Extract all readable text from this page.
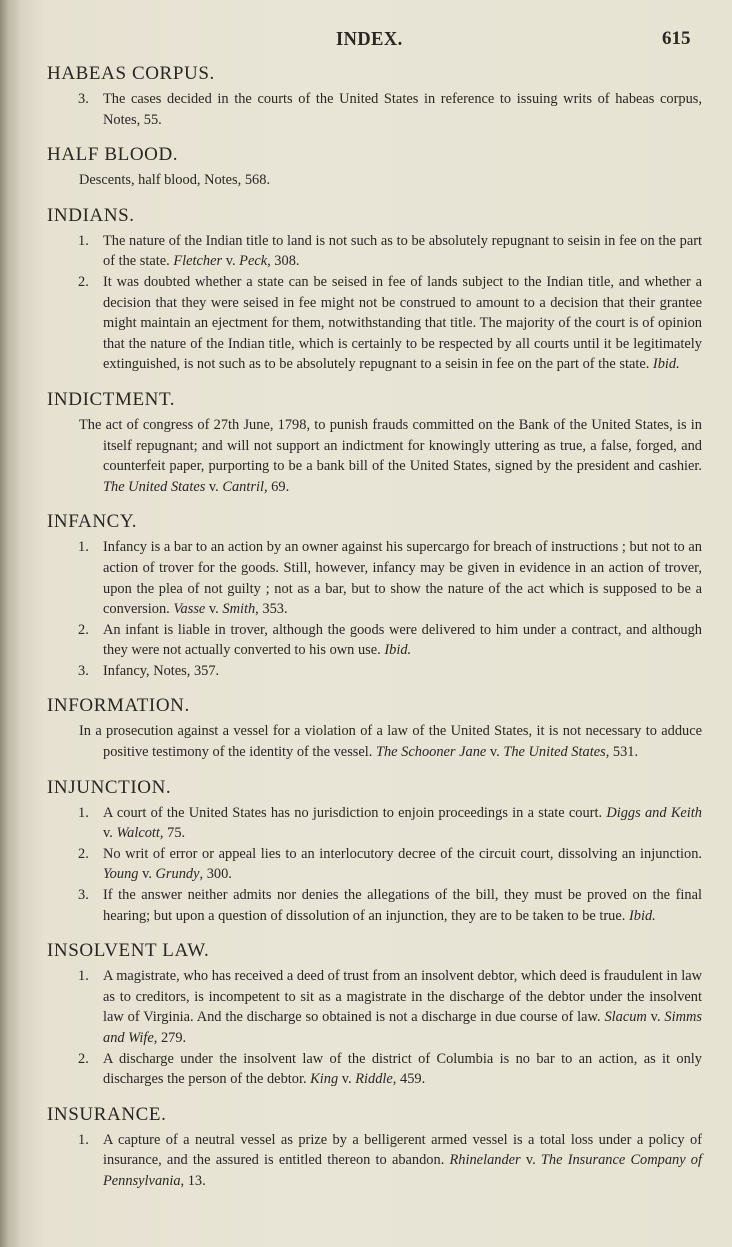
INDEX.	615
HABEAS CORPUS.
3. The cases decided in the courts of the United States in reference to issuing writs of habeas corpus, Notes, 55.
HALF BLOOD.
Descents, half blood, Notes, 568.
INDIANS.
1. The nature of the Indian title to land is not such as to be absolutely repugnant to seisin in fee on the part of the state. Fletcher v. Peck, 308.
2. It was doubted whether a state can be seised in fee of lands subject to the Indian title, and whether a decision that they were seised in fee might not be construed to amount to a decision that their grantee might maintain an ejectment for them, notwithstanding that title. The majority of the court is of opinion that the nature of the Indian title, which is certainly to be respected by all courts until it be legitimately extinguished, is not such as to be absolutely repugnant to a seisin in fee on the part of the state. Ibid.
INDICTMENT.
The act of congress of 27th June, 1798, to punish frauds committed on the Bank of the United States, is in itself repugnant; and will not support an indictment for knowingly uttering as true, a false, forged, and counterfeit paper, purporting to be a bank bill of the United States, signed by the president and cashier. The United States v. Cantril, 69.
INFANCY.
1. Infancy is a bar to an action by an owner against his supercargo for breach of instructions ; but not to an action of trover for the goods. Still, however, infancy may be given in evidence in an action of trover, upon the plea of not guilty ; not as a bar, but to show the nature of the act which is supposed to be a conversion. Vasse v. Smith, 353.
2. An infant is liable in trover, although the goods were delivered to him under a contract, and although they were not actually converted to his own use. Ibid.
3. Infancy, Notes, 357.
INFORMATION.
In a prosecution against a vessel for a violation of a law of the United States, it is not necessary to adduce positive testimony of the identity of the vessel. The Schooner Jane v. The United States, 531.
INJUNCTION.
1. A court of the United States has no jurisdiction to enjoin proceedings in a state court. Diggs and Keith v. Walcott, 75.
2. No writ of error or appeal lies to an interlocutory decree of the circuit court, dissolving an injunction. Young v. Grundy, 300.
3. If the answer neither admits nor denies the allegations of the bill, they must be proved on the final hearing; but upon a question of dissolution of an injunction, they are to be taken to be true. Ibid.
INSOLVENT LAW.
1. A magistrate, who has received a deed of trust from an insolvent debtor, which deed is fraudulent in law as to creditors, is incompetent to sit as a magistrate in the discharge of the debtor under the insolvent law of Virginia. And the discharge so obtained is not a discharge in due course of law. Slacum v. Simms and Wife, 279.
2. A discharge under the insolvent law of the district of Columbia is no bar to an action, as it only discharges the person of the debtor. King v. Riddle, 459.
INSURANCE.
1. A capture of a neutral vessel as prize by a belligerent armed vessel is a total loss under a policy of insurance, and the assured is entitled thereon to abandon. Rhinelander v. The Insurance Company of Pennsylvania, 13.
